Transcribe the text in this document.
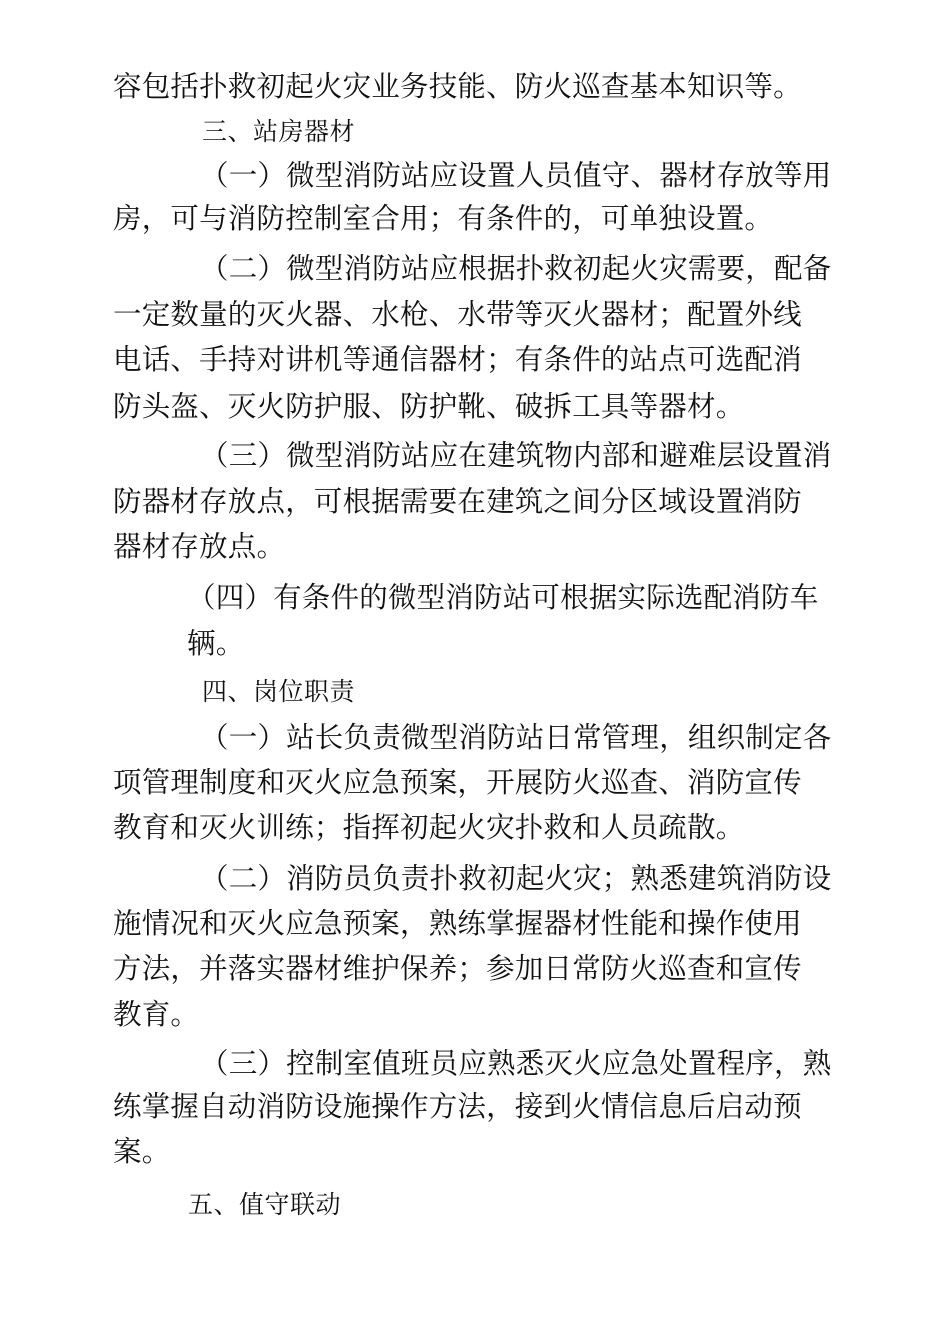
容包括扑救初起火灾业务技能、防火巡查基本知识等。
三、站房器材
（一）微型消防站应设置人员值守、器材存放等用
房，可与消防控制室合用；有条件的，可单独设置。
（二）微型消防站应根据扑救初起火灾需要，配备
一定数量的灭火器、水枪、水带等灭火器材；配置外线
电话、手持对讲机等通信器材；有条件的站点可选配消
防头盔、灭火防护服、防护靴、破拆工具等器材。
（三）微型消防站应在建筑物内部和避难层设置消
防器材存放点，可根据需要在建筑之间分区域设置消防
器材存放点。
（四）有条件的微型消防站可根据实际选配消防车
辆。
四、岗位职责
（一）站长负责微型消防站日常管理，组织制定各
项管理制度和灭火应急预案，开展防火巡查、消防宣传
教育和灭火训练；指挥初起火灾扑救和人员疏散。
（二）消防员负责扑救初起火灾；熟悉建筑消防设
施情况和灭火应急预案，熟练掌握器材性能和操作使用
方法，并落实器材维护保养；参加日常防火巡查和宣传
教育。
（三）控制室值班员应熟悉灭火应急处置程序，熟
练掌握自动消防设施操作方法，接到火情信息后启动预
案。
五、值守联动
